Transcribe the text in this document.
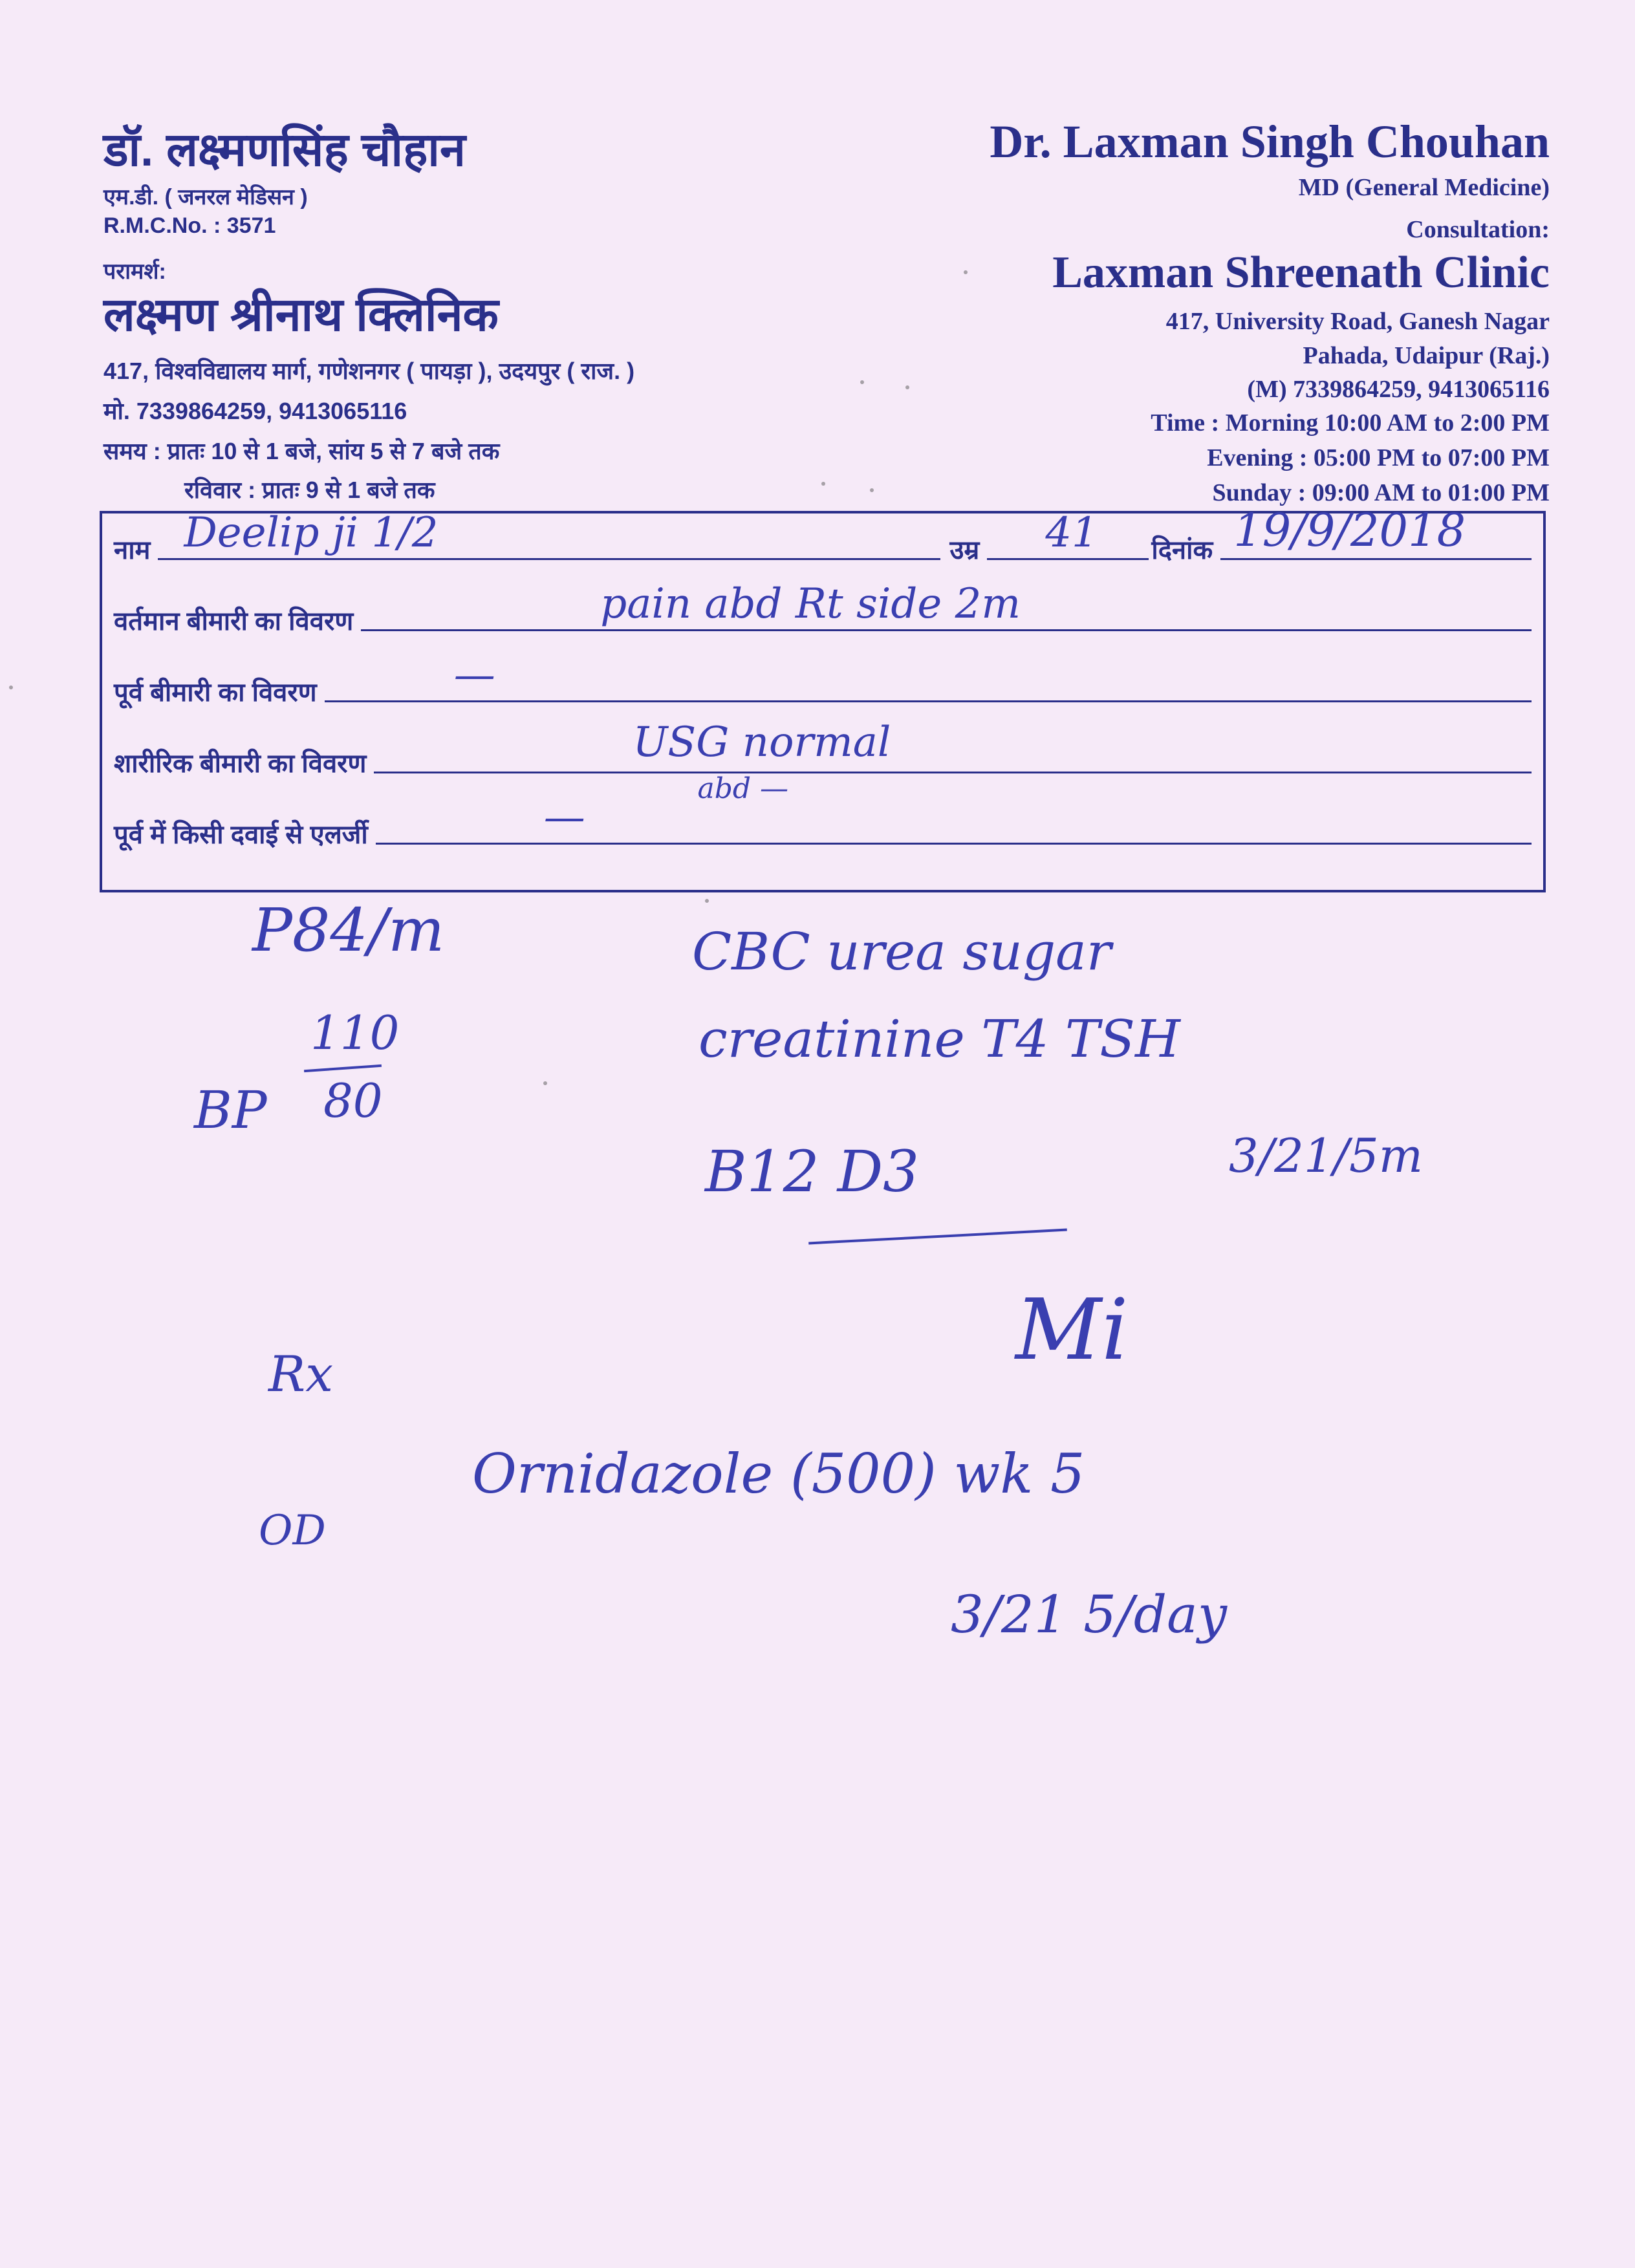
डॉ. लक्ष्मणसिंह चौहान
एम.डी. ( जनरल मेडिसन )
R.M.C.No. : 3571
परामर्श:
लक्ष्मण श्रीनाथ क्लिनिक
417, विश्वविद्यालय मार्ग, गणेशनगर ( पायड़ा ), उदयपुर ( राज. )
मो. 7339864259, 9413065116
समय : प्रातः 10 से 1 बजे, सांय 5 से 7 बजे तक
रविवार : प्रातः 9 से 1 बजे तक
Dr. Laxman Singh Chouhan
MD (General Medicine)
Consultation:
Laxman Shreenath Clinic
417, University Road, Ganesh Nagar
Pahada, Udaipur (Raj.)
(M) 7339864259, 9413065116
Time : Morning 10:00 AM to 2:00 PM
Evening : 05:00 PM to 07:00 PM
Sunday : 09:00 AM to 01:00 PM
नाम Deelip ji 1/2	उम्र 41 दिनांक 19/9/2018
वर्तमान बीमारी का विवरण	pain abd Rt side 2m
पूर्व बीमारी का विवरण	—
शारीरिक बीमारी का विवरण	USG normal
abd —
पूर्व में किसी दवाई से एलर्जी	—
P84/m
BP
110
80
CBC urea sugar
creatinine T4 TSH
B12 D3	3/21/5m
Mi
Rx
OD
Ornidazole (500) wk 5
3/21 5/day
